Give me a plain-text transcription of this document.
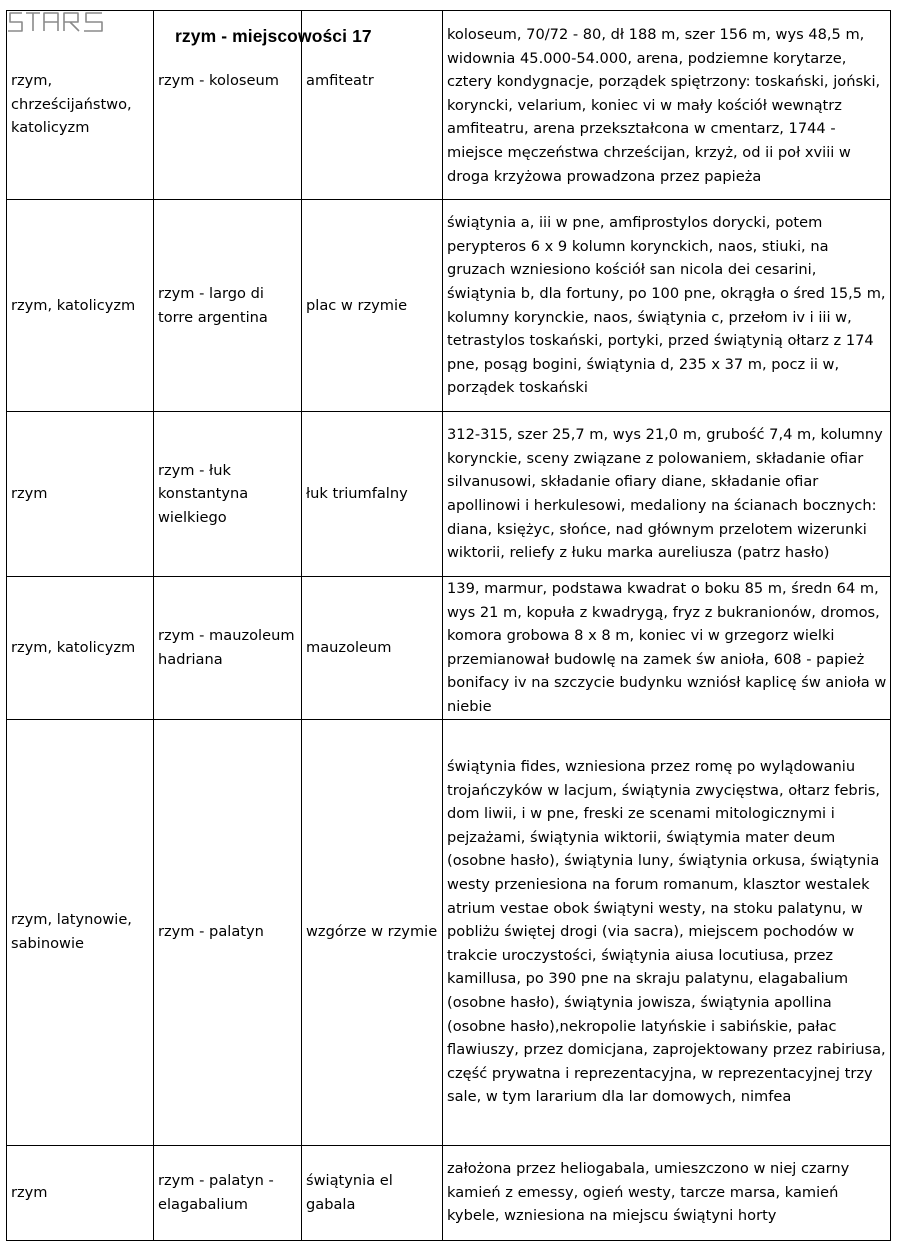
rzym, chrześcijaństwo, katolicyzm	rzym - koloseum	amfiteatr	koloseum, 70/72 - 80, dł 188 m, szer 156 m, wys 48,5 m, widownia 45.000-54.000, arena, podziemne korytarze, cztery kondygnacje, porządek spiętrzony: toskański, joński, koryncki, velarium, koniec vi w mały kościół wewnątrz amfiteatru, arena przekształcona w cmentarz, 1744 - miejsce męczeństwa chrześcijan, krzyż, od ii poł xviii w droga krzyżowa prowadzona przez papieża
rzym, katolicyzm	rzym - largo di torre argentina	plac w rzymie	świątynia a, iii w pne, amfiprostylos dorycki, potem perypteros 6 x 9 kolumn korynckich, naos, stiuki, na gruzach wzniesiono kościół san nicola dei cesarini, świątynia b, dla fortuny, po 100 pne, okrągła o śred 15,5 m, kolumny korynckie, naos, świątynia c, przełom iv i iii w, tetrastylos toskański, portyki, przed świątynią ołtarz z 174 pne, posąg bogini, świątynia d, 235 x 37 m, pocz ii w, porządek toskański
rzym	rzym - łuk konstantyna wielkiego	łuk triumfalny	312-315, szer 25,7 m, wys 21,0 m, grubość 7,4 m, kolumny korynckie, sceny związane z polowaniem, składanie ofiar silvanusowi, składanie ofiary diane, składanie ofiar apollinowi i herkulesowi, medaliony na ścianach bocznych: diana, księżyc, słońce, nad głównym przelotem wizerunki wiktorii, reliefy z łuku marka aureliusza (patrz hasło)
rzym, katolicyzm	rzym - mauzoleum hadriana	mauzoleum	139, marmur, podstawa kwadrat o boku 85 m, średn 64 m, wys 21 m, kopuła z kwadrygą, fryz z bukranionów, dromos, komora grobowa 8 x 8 m, koniec vi w grzegorz wielki przemianował budowlę na zamek św anioła, 608 - papież bonifacy iv na szczycie budynku wzniósł kaplicę św anioła w niebie
rzym, latynowie, sabinowie	rzym - palatyn	wzgórze w rzymie	świątynia fides, wzniesiona przez romę po wylądowaniu trojańczyków w lacjum, świątynia zwycięstwa, ołtarz febris, dom liwii, i w pne, freski ze scenami mitologicznymi i pejzażami, świątynia wiktorii, świątymia mater deum (osobne hasło), świątynia luny, świątynia orkusa, świątynia westy przeniesiona na forum romanum, klasztor westalek atrium vestae obok świątyni westy, na stoku palatynu, w pobliżu świętej drogi (via sacra), miejscem pochodów w trakcie uroczystości, świątynia aiusa locutiusa, przez kamillusa, po 390 pne na skraju palatynu, elagabalium (osobne hasło), świątynia jowisza, świątynia apollina (osobne hasło),nekropolie latyńskie i sabińskie, pałac flawiuszy, przez domicjana, zaprojektowany przez rabiriusa, część prywatna i reprezentacyjna, w reprezentacyjnej trzy sale, w tym lararium dla lar domowych, nimfea
rzym	rzym - palatyn - elagabalium	świątynia el gabala	założona przez heliogabala, umieszczono w niej czarny kamień z emessy, ogień westy, tarcze marsa, kamień kybele, wzniesiona na miejscu świątyni horty
rzym - miejscowości 17
